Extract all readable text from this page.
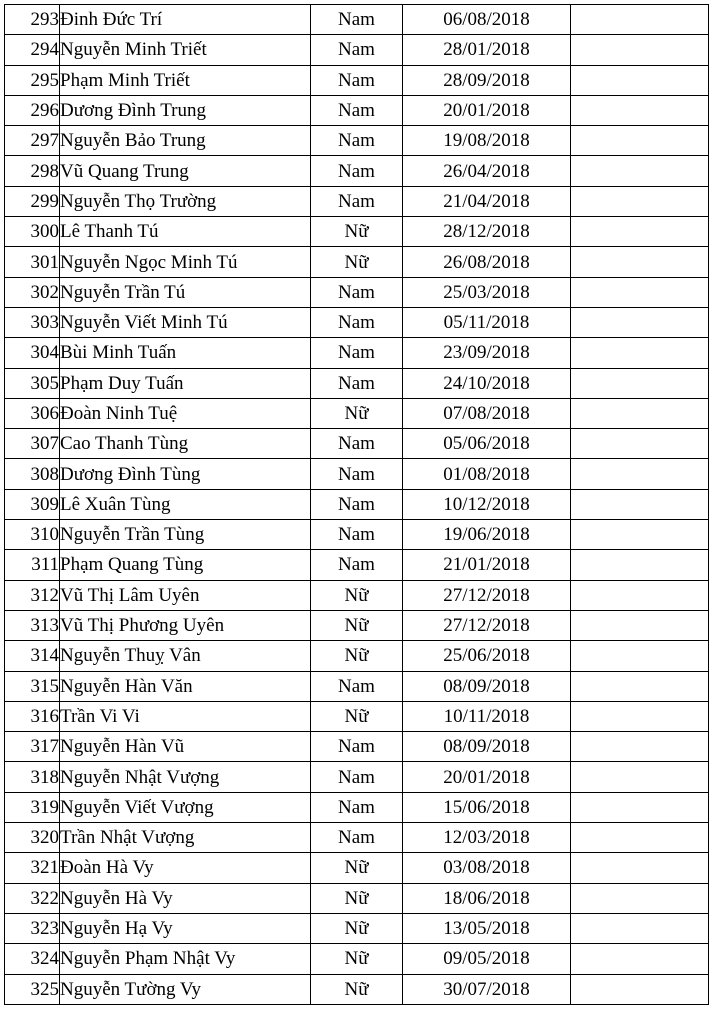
293	Đinh Đức Trí	Nam	06/08/2018	
294	Nguyễn Minh Triết	Nam	28/01/2018	
295	Phạm Minh Triết	Nam	28/09/2018	
296	Dương Đình Trung	Nam	20/01/2018	
297	Nguyễn Bảo Trung	Nam	19/08/2018	
298	Vũ Quang Trung	Nam	26/04/2018	
299	Nguyễn Thọ Trường	Nam	21/04/2018	
300	Lê Thanh Tú	Nữ	28/12/2018	
301	Nguyễn Ngọc Minh Tú	Nữ	26/08/2018	
302	Nguyễn Trần Tú	Nam	25/03/2018	
303	Nguyễn Viết Minh Tú	Nam	05/11/2018	
304	Bùi Minh Tuấn	Nam	23/09/2018	
305	Phạm Duy Tuấn	Nam	24/10/2018	
306	Đoàn Ninh Tuệ	Nữ	07/08/2018	
307	Cao Thanh Tùng	Nam	05/06/2018	
308	Dương Đình Tùng	Nam	01/08/2018	
309	Lê Xuân Tùng	Nam	10/12/2018	
310	Nguyễn Trần Tùng	Nam	19/06/2018	
311	Phạm Quang Tùng	Nam	21/01/2018	
312	Vũ Thị Lâm Uyên	Nữ	27/12/2018	
313	Vũ Thị Phương Uyên	Nữ	27/12/2018	
314	Nguyễn Thuỵ Vân	Nữ	25/06/2018	
315	Nguyễn Hàn Văn	Nam	08/09/2018	
316	Trần Vi Vi	Nữ	10/11/2018	
317	Nguyễn Hàn Vũ	Nam	08/09/2018	
318	Nguyễn Nhật Vượng	Nam	20/01/2018	
319	Nguyễn Viết Vượng	Nam	15/06/2018	
320	Trần Nhật Vượng	Nam	12/03/2018	
321	Đoàn Hà Vy	Nữ	03/08/2018	
322	Nguyễn Hà Vy	Nữ	18/06/2018	
323	Nguyễn Hạ Vy	Nữ	13/05/2018	
324	Nguyễn Phạm Nhật Vy	Nữ	09/05/2018	
325	Nguyễn Tường Vy	Nữ	30/07/2018	
